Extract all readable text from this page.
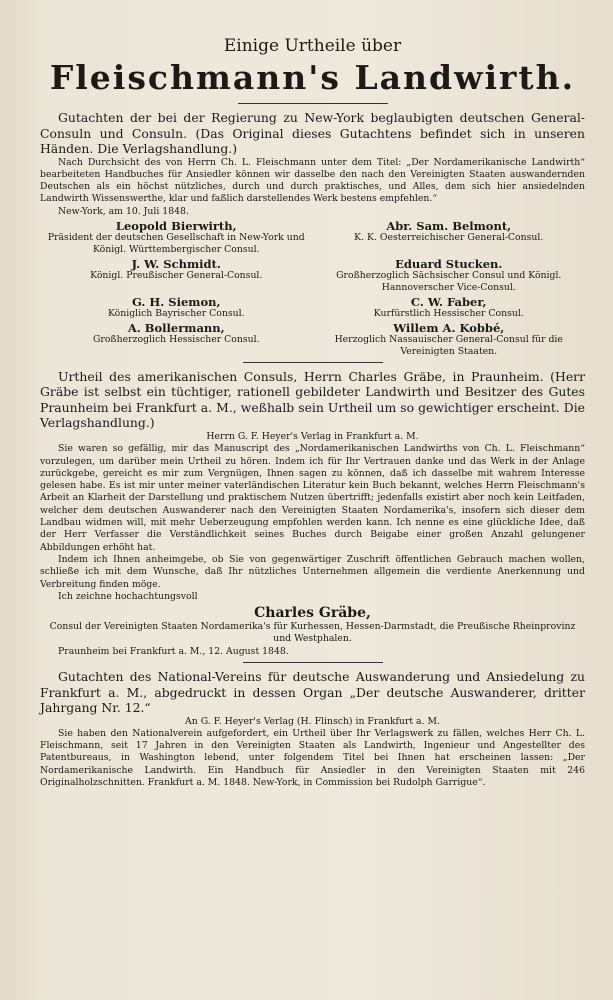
Einige Urtheile über

Fleischmann's Landwirth.

Gutachten der bei der Regierung zu New-York beglaubigten deutschen General-Consuln und Consuln. (Das Original dieses Gutachtens befindet sich in unseren Händen. Die Verlagshandlung.)

Nach Durchsicht des von Herrn Ch. L. Fleischmann unter dem Titel: „Der Nordamerikanische Landwirth“ bearbeiteten Handbuches für Ansiedler können wir dasselbe den nach den Vereinigten Staaten auswandernden Deutschen als ein höchst nützliches, durch und durch praktisches, und Alles, dem sich hier ansiedelnden Landwirth Wissenswerthe, klar und faßlich darstellendes Werk bestens empfehlen.“

New-York, am 10. Juli 1848.

Leopold Bierwirth,
Präsident der deutschen Gesellschaft in New-York und Königl. Württembergischer Consul.
Abr. Sam. Belmont,
K. K. Oesterreichischer General-Consul.
J. W. Schmidt.
Königl. Preußischer General-Consul.
Eduard Stucken.
Großherzoglich Sächsischer Consul und Königl. Hannoverscher Vice-Consul.
G. H. Siemon,
Königlich Bayrischer Consul.
C. W. Faber,
Kurfürstlich Hessischer Consul.
A. Bollermann,
Großherzoglich Hessischer Consul.
Willem A. Kobbé,
Herzoglich Nassauischer General-Consul für die Vereinigten Staaten.

Urtheil des amerikanischen Consuls, Herrn Charles Gräbe, in Praunheim. (Herr Gräbe ist selbst ein tüchtiger, rationell gebildeter Landwirth und Besitzer des Gutes Praunheim bei Frankfurt a. M., weßhalb sein Urtheil um so gewichtiger erscheint. Die Verlagshandlung.)

Herrn G. F. Heyer's Verlag in Frankfurt a. M.

Sie waren so gefällig, mir das Manuscript des „Nordamerikanischen Landwirths von Ch. L. Fleischmann“ vorzulegen, um darüber mein Urtheil zu hören. Indem ich für Ihr Vertrauen danke und das Werk in der Anlage zurückgebe, gereicht es mir zum Vergnügen, Ihnen sagen zu können, daß ich dasselbe mit wahrem Interesse gelesen habe. Es ist mir unter meiner vaterländischen Literatur kein Buch bekannt, welches Herrn Fleischmann's Arbeit an Klarheit der Darstellung und praktischem Nutzen übertrifft; jedenfalls existirt aber noch kein Leitfaden, welcher dem deutschen Auswanderer nach den Vereinigten Staaten Nordamerika's, insofern sich dieser dem Landbau widmen will, mit mehr Ueberzeugung empfohlen werden kann. Ich nenne es eine glückliche Idee, daß der Herr Verfasser die Verständlichkeit seines Buches durch Beigabe einer großen Anzahl gelungener Abbildungen erhöht hat.

Indem ich Ihnen anheimgebe, ob Sie von gegenwärtiger Zuschrift öffentlichen Gebrauch machen wollen, schließe ich mit dem Wunsche, daß Ihr nützliches Unternehmen allgemein die verdiente Anerkennung und Verbreitung finden möge.

Ich zeichne hochachtungsvoll

Charles Gräbe,

Consul der Vereinigten Staaten Nordamerika's für Kurhessen, Hessen-Darmstadt, die Preußische Rheinprovinz und Westphalen.

Praunheim bei Frankfurt a. M., 12. August 1848.

Gutachten des National-Vereins für deutsche Auswanderung und Ansiedelung zu Frankfurt a. M., abgedruckt in dessen Organ „Der deutsche Auswanderer, dritter Jahrgang Nr. 12.“

An G. F. Heyer's Verlag (H. Flinsch) in Frankfurt a. M.

Sie haben den Nationalverein aufgefordert, ein Urtheil über Ihr Verlagswerk zu fällen, welches Herr Ch. L. Fleischmann, seit 17 Jahren in den Vereinigten Staaten als Landwirth, Ingenieur und Angestellter des Patentbureaus, in Washington lebend, unter folgendem Titel bei Ihnen hat erscheinen lassen: „Der Nordamerikanische Landwirth. Ein Handbuch für Ansiedler in den Vereinigten Staaten mit 246 Originalholzschnitten. Frankfurt a. M. 1848. New-York, in Commission bei Rudolph Garrigue“.
